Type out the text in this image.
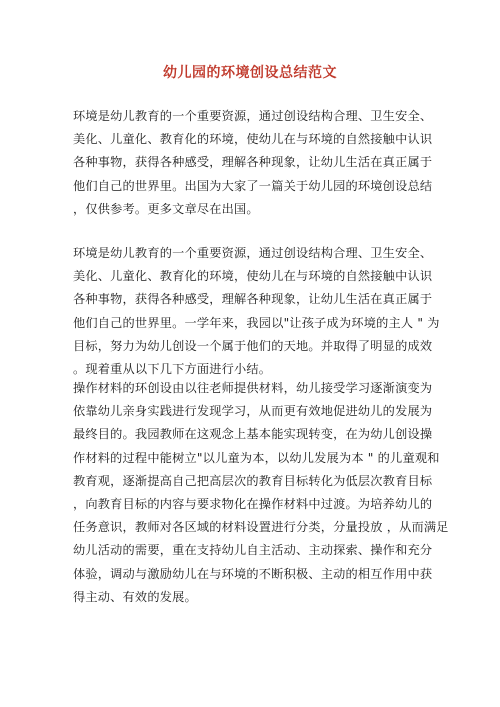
幼儿园的环境创设总结范文
环境是幼儿教育的一个重要资源，通过创设结构合理、卫生安全、
美化、儿童化、教育化的环境，使幼儿在与环境的自然接触中认识
各种事物，获得各种感受，理解各种现象，让幼儿生活在真正属于
他们自己的世界里。出国为大家了一篇关于幼儿园的环境创设总结
，仅供参考。更多文章尽在出国。
环境是幼儿教育的一个重要资源，通过创设结构合理、卫生安全、
美化、儿童化、教育化的环境，使幼儿在与环境的自然接触中认识
各种事物，获得各种感受，理解各种现象，让幼儿生活在真正属于
他们自己的世界里。一学年来，我园以"让孩子成为环境的主人 " 为
目标，努力为幼儿创设一个属于他们的天地。并取得了明显的成效
。现着重从以下几下方面进行小结。
操作材料的环创设由以往老师提供材料，幼儿接受学习逐渐演变为
依靠幼儿亲身实践进行发现学习，从而更有效地促进幼儿的发展为
最终目的。我园教师在这观念上基本能实现转变，在为幼儿创设操
作材料的过程中能树立"以儿童为本，以幼儿发展为本 " 的儿童观和
教育观，逐渐提高自己把高层次的教育目标转化为低层次教育目标
，向教育目标的内容与要求物化在操作材料中过渡。为培养幼儿的
任务意识，教师对各区域的材料设置进行分类，分量投放 ，从而满足
幼儿活动的需要，重在支持幼儿自主活动、主动探索、操作和充分
体验，调动与激励幼儿在与环境的不断积极、主动的相互作用中获
得主动、有效的发展。
